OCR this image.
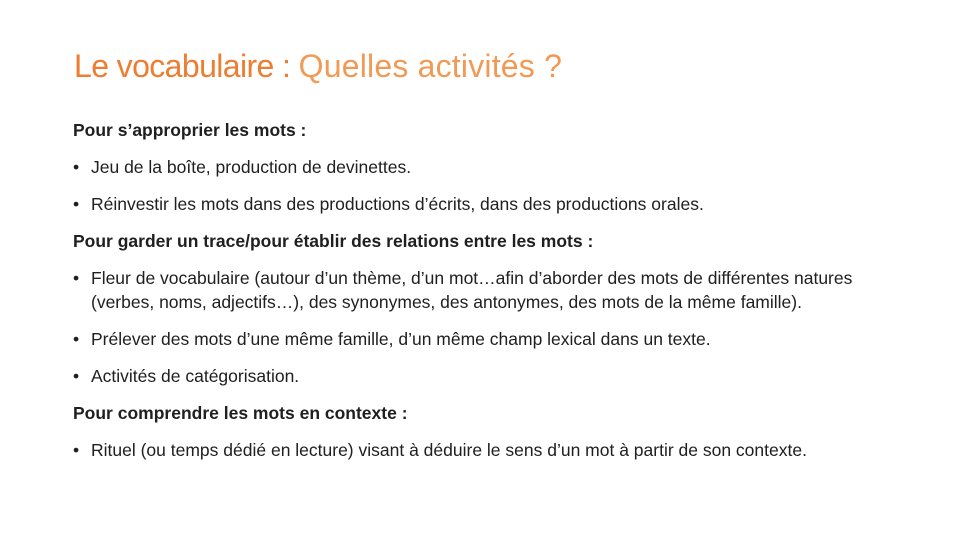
Le vocabulaire : Quelles activités ?
Pour s’approprier les mots :
• Jeu de la boîte, production de devinettes.
• Réinvestir les mots dans des productions d’écrits, dans des productions orales.
Pour garder un trace/pour établir des relations entre les mots :
• Fleur de vocabulaire (autour d’un thème, d’un mot…afin d’aborder des mots de différentes natures (verbes, noms, adjectifs…), des synonymes, des antonymes, des mots de la même famille).
• Prélever des mots d’une même famille, d’un même champ lexical dans un texte.
• Activités de catégorisation.
Pour comprendre les mots en contexte :
• Rituel (ou temps dédié en lecture) visant à déduire le sens d’un mot à partir de son contexte.
